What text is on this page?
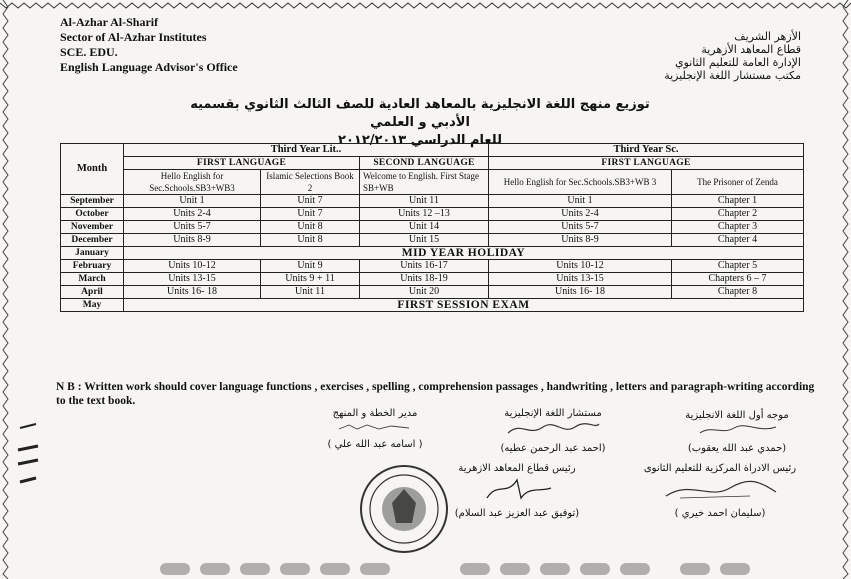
Al-Azhar Al-Sharif
Sector of Al-Azhar Institutes
SCE. EDU.
English Language Advisor's Office
الأزهر الشريف
قطاع المعاهد الأزهرية
الإدارة العامة للتعليم الثانوي
مكتب مستشار اللغة الإنجليزية
توزيع منهج اللغة الانجليزية بالمعاهد العادية للصف الثالث الثانوي بقسميه الأدبي و العلمي
للعام الدراسي ٢٠١٢/٢٠١٣
Month	Third Year Lit..			Third Year Sc.	
	FIRST LANGUAGE		SECOND LANGUAGE	FIRST LANGUAGE	
	Hello English for Sec.Schools.SB3+WB3	Islamic Selections Book 2	Welcome to English. First Stage SB+WB	Hello English for Sec.Schools.SB3+WB 3	The Prisoner of Zenda
September	Unit 1	Unit 7	Unit 11	Unit 1	Chapter 1
October	Units 2-4	Unit 7	Units 12 –13	Units 2-4	Chapter 2
November	Units 5-7	Unit 8	Unit 14	Units 5-7	Chapter 3
December	Units 8-9	Unit 8	Unit 15	Units 8-9	Chapter 4
January	MID YEAR HOLIDAY				
February	Units 10-12	Unit 9	Units 16-17	Units 10-12	Chapter 5
March	Units 13-15	Units 9 + 11	Units 18-19	Units 13-15	Chapters 6 – 7
April	Units 16- 18	Unit 11	Unit 20	Units 16- 18	Chapter 8
May	FIRST SESSION EXAM				
N B : Written work should cover language functions , exercises , spelling , comprehension passages , handwriting , letters and paragraph-writing according to the text book.
موجه أول اللغة الانجليزية
(حمدي عبد الله يعقوب)
مستشار اللغة الإنجليزية
(احمد عبد الرحمن عطيه)
مدير الخطة و المنهج
( اسامه عبد الله علي )
رئيس الادراة المركزية للتعليم الثانوى
(سليمان احمد خيري )
رئيس قطاع المعاهد الازهرية
(توفيق عبد العزيز عبد السلام)
